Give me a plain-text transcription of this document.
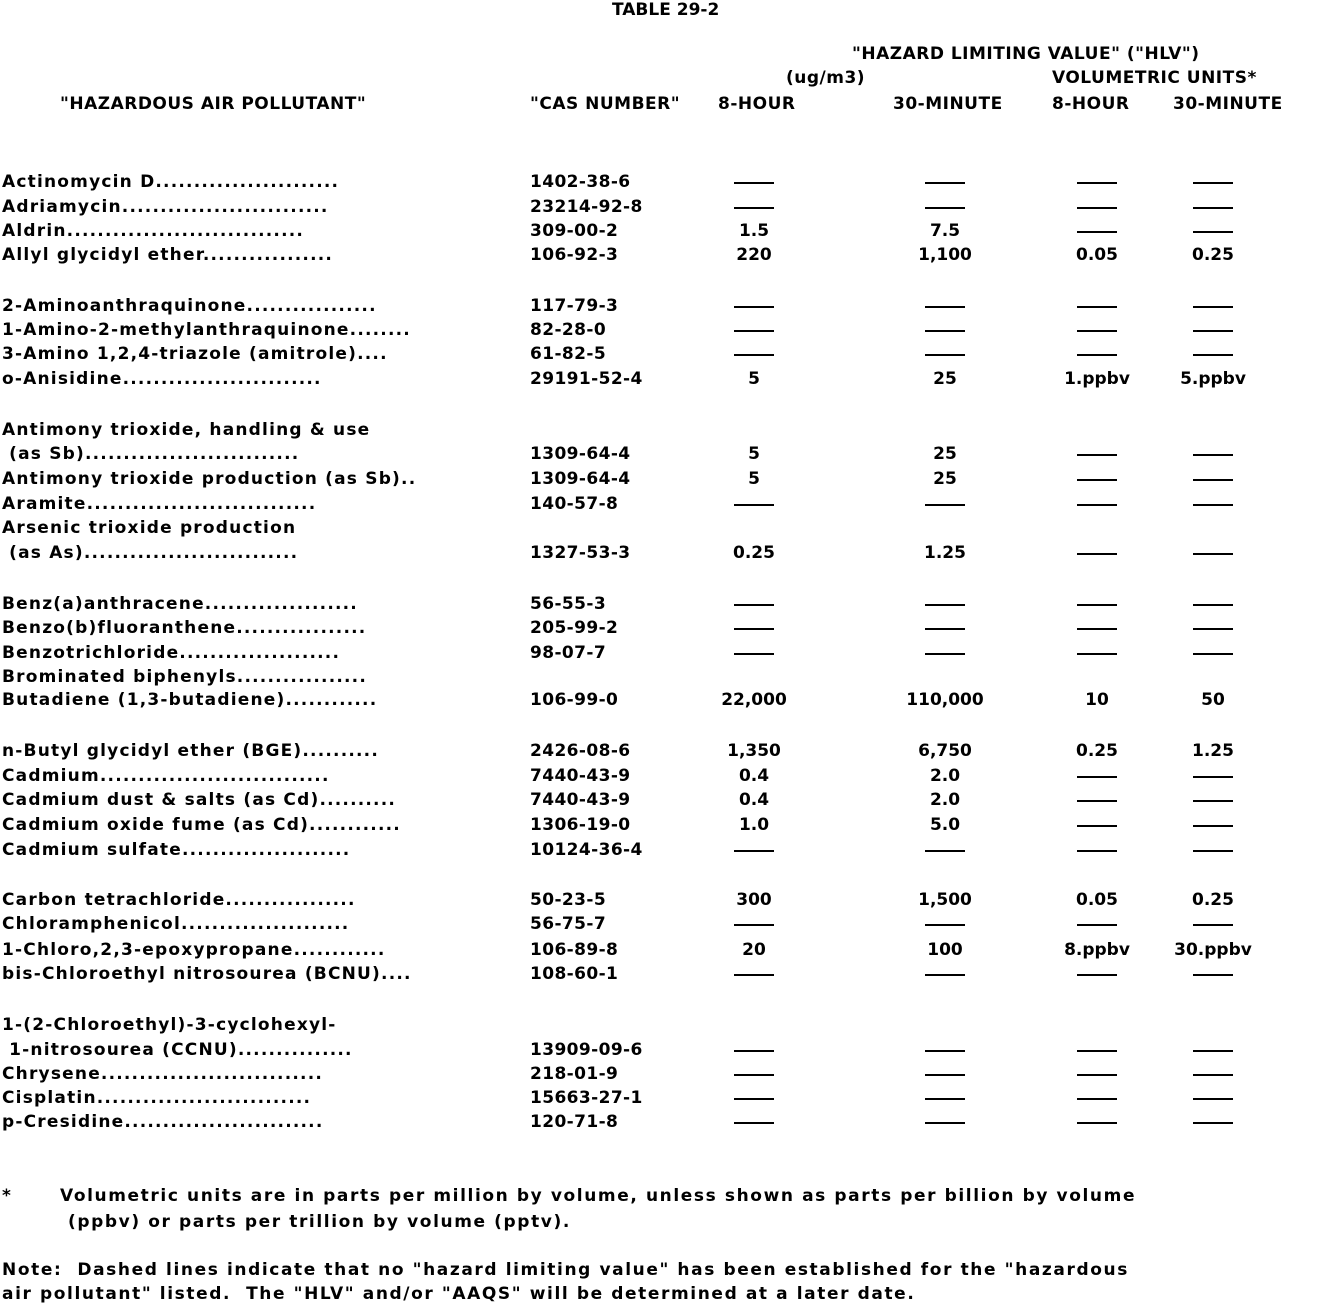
TABLE 29-2
"HAZARD LIMITING VALUE" ("HLV")
(ug/m3)	VOLUMETRIC UNITS*
"HAZARDOUS AIR POLLUTANT"	"CAS NUMBER" 8-HOUR	30-MINUTE	8-HOUR	30-MINUTE
Actinomycin D........................	1402-38-6
Adriamycin...........................	23214-92-8
Aldrin...............................	309-00-2	1.5	7.5
Allyl glycidyl ether.................	106-92-3	220	1,100	0.05	0.25
2-Aminoanthraquinone.................	117-79-3
1-Amino-2-methylanthraquinone........	82-28-0
3-Amino 1,2,4-triazole (amitrole)....	61-82-5
o-Anisidine..........................	29191-52-4	5	25	1.ppbv	5.ppbv
Antimony trioxide, handling & use
(as Sb)............................	1309-64-4	5	25
Antimony trioxide production (as Sb)..	1309-64-4	5	25
Aramite..............................	140-57-8
Arsenic trioxide production
(as As)............................	1327-53-3	0.25	1.25
Benz(a)anthracene....................	56-55-3
Benzo(b)fluoranthene.................	205-99-2
Benzotrichloride.....................	98-07-7
Brominated biphenyls.................
Butadiene (1,3-butadiene)............	106-99-0	22,000	110,000	10	50
n-Butyl glycidyl ether (BGE)..........	2426-08-6	1,350	6,750	0.25	1.25
Cadmium..............................	7440-43-9	0.4	2.0
Cadmium dust & salts (as Cd)..........	7440-43-9	0.4	2.0
Cadmium oxide fume (as Cd)............	1306-19-0	1.0	5.0
Cadmium sulfate......................	10124-36-4
Carbon tetrachloride.................	50-23-5	300	1,500	0.05	0.25
Chloramphenicol......................	56-75-7
1-Chloro,2,3-epoxypropane............	106-89-8	20	100	8.ppbv	30.ppbv
bis-Chloroethyl nitrosourea (BCNU)....	108-60-1
1-(2-Chloroethyl)-3-cyclohexyl-
1-nitrosourea (CCNU)...............	13909-09-6
Chrysene.............................	218-01-9
Cisplatin............................	15663-27-1
p-Cresidine..........................	120-71-8
*	Volumetric units are in parts per million by volume, unless shown as parts per billion by volume
(ppbv) or parts per trillion by volume (pptv).
Note:  Dashed lines indicate that no "hazard limiting value" has been established for the "hazardous
air pollutant" listed.  The "HLV" and/or "AAQS" will be determined at a later date.
